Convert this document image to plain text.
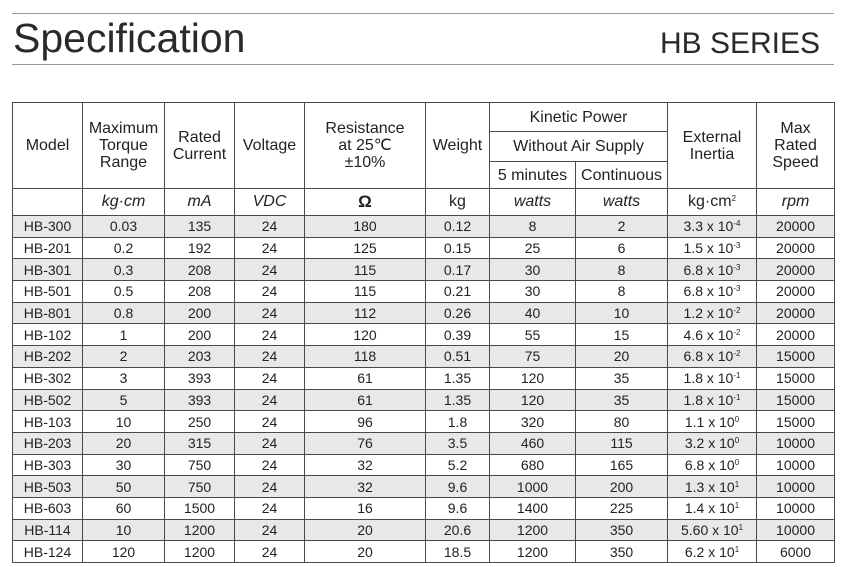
Specification	HB SERIES
Model	Maximum Torque Range	Rated Current	Voltage	Resistance at 25℃±10%	Weight	Kinetic Power		External Inertia	Max Rated Speed
						Without Air Supply			
						5 minutes	Continuous		
	kg·cm	mA	VDC	Ω	kg	watts	watts	$kg\cdot cm^2$	rpm
HB-300	0.03	135	24	180	0.12	8	2	3.3 x $10^{-4}$	20000
HB-201	0.2	192	24	125	0.15	25	6	1.5 x $10^{-3}$	20000
HB-301	0.3	208	24	115	0.17	30	8	6.8 x $10^{-3}$	20000
HB-501	0.5	208	24	115	0.21	30	8	6.8 x $10^{-3}$	20000
HB-801	0.8	200	24	112	0.26	40	10	1.2 x $10^{-2}$	20000
HB-102	1	200	24	120	0.39	55	15	4.6 x $10^{-2}$	20000
HB-202	2	203	24	118	0.51	75	20	6.8 x $10^{-2}$	15000
HB-302	3	393	24	61	1.35	120	35	1.8 x $10^{-1}$	15000
HB-502	5	393	24	61	1.35	120	35	1.8 x $10^{-1}$	15000
HB-103	10	250	24	96	1.8	320	80	1.1 x $10^0$	15000
HB-203	20	315	24	76	3.5	460	115	3.2 x $10^0$	10000
HB-303	30	750	24	32	5.2	680	165	6.8 x $10^0$	10000
HB-503	50	750	24	32	9.6	1000	200	1.3 x $10^1$	10000
HB-603	60	1500	24	16	9.6	1400	225	1.4 x $10^1$	10000
HB-114	10	1200	24	20	20.6	1200	350	5.60 x $10^1$	10000
HB-124	120	1200	24	20	18.5	1200	350	6.2 x $10^1$	6000
